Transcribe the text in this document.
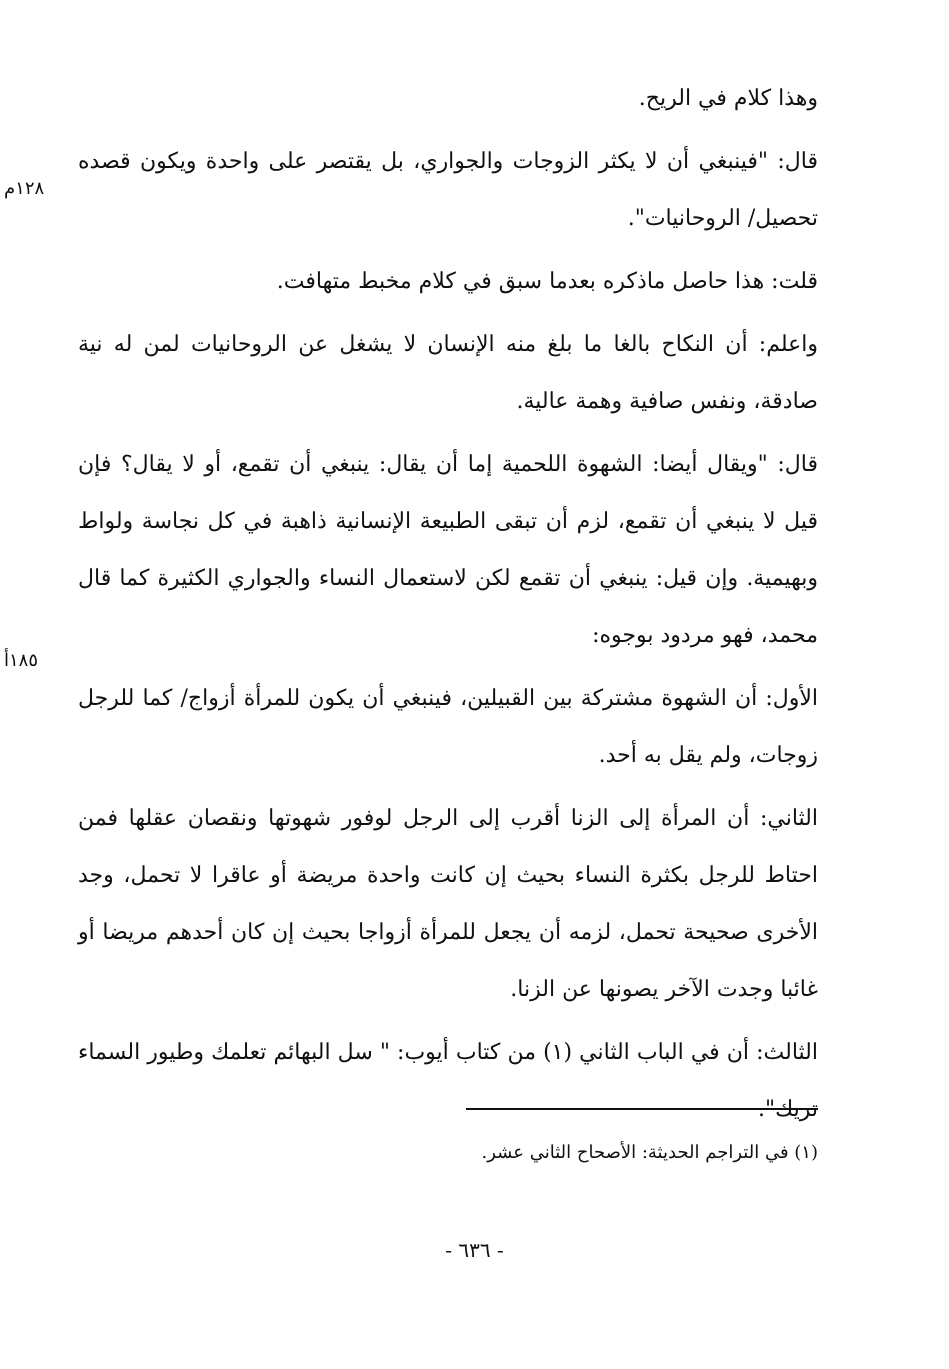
وهذا كلام في الريح.

قال: "فينبغي أن لا يكثر الزوجات والجواري، بل يقتصر على واحدة ويكون قصده تحصيل/ الروحانيات".

قلت: هذا حاصل ماذكره بعدما سبق في كلام مخبط متهافت.

واعلم: أن النكاح بالغا ما بلغ منه الإنسان لا يشغل عن الروحانيات لمن له نية صادقة، ونفس صافية وهمة عالية.

قال: "ويقال أيضا: الشهوة اللحمية إما أن يقال: ينبغي أن تقمع، أو لا يقال؟ فإن قيل لا ينبغي أن تقمع، لزم أن تبقى الطبيعة الإنسانية ذاهبة في كل نجاسة ولواط وبهيمية. وإن قيل: ينبغي أن تقمع لكن لاستعمال النساء والجواري الكثيرة كما قال محمد، فهو مردود بوجوه:

الأول: أن الشهوة مشتركة بين القبيلين، فينبغي أن يكون للمرأة أزواج/ كما للرجل زوجات، ولم يقل به أحد.

الثاني: أن المرأة إلى الزنا أقرب إلى الرجل لوفور شهوتها ونقصان عقلها فمن احتاط للرجل بكثرة النساء بحيث إن كانت واحدة مريضة أو عاقرا لا تحمل، وجد الأخرى صحيحة تحمل، لزمه أن يجعل للمرأة أزواجا بحيث إن كان أحدهم مريضا أو غائبا وجدت الآخر يصونها عن الزنا.

الثالث: أن في الباب الثاني (١) من كتاب أيوب: " سل البهائم تعلمك وطيور السماء تريك".

١٢٨م
١٨٥أ
(١) في التراجم الحديثة: الأصحاح الثاني عشر.
- ٦٣٦ -
